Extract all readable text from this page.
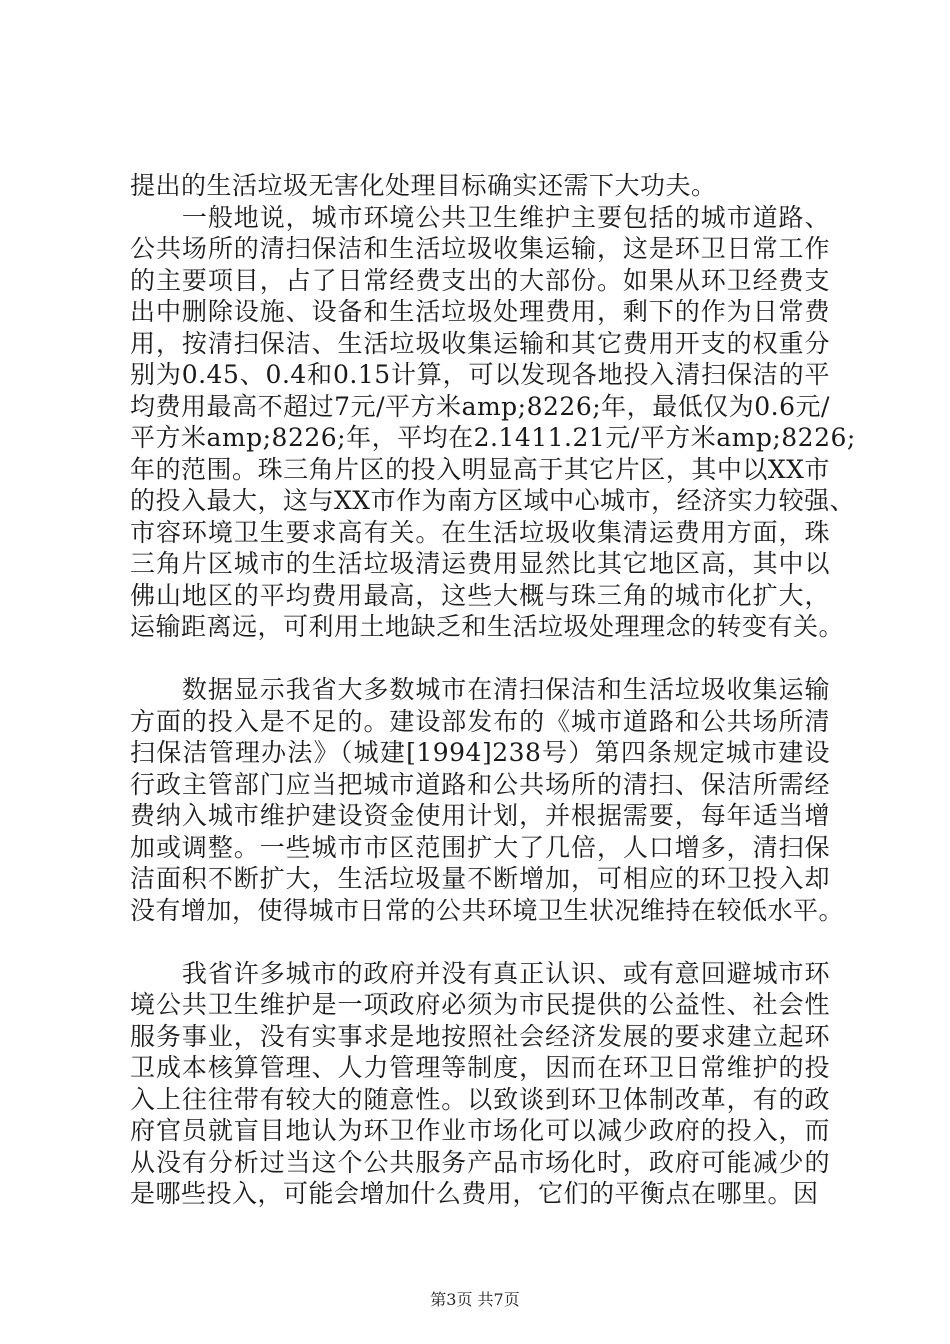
提出的生活垃圾无害化处理目标确实还需下大功夫。
　　一般地说，城市环境公共卫生维护主要包括的城市道路、
公共场所的清扫保洁和生活垃圾收集运输，这是环卫日常工作
的主要项目，占了日常经费支出的大部份。如果从环卫经费支
出中删除设施、设备和生活垃圾处理费用，剩下的作为日常费
用，按清扫保洁、生活垃圾收集运输和其它费用开支的权重分
别为0.45、0.4和0.15计算，可以发现各地投入清扫保洁的平
均费用最高不超过7元/平方米amp;8226;年，最低仅为0.6元/
平方米amp;8226;年，平均在2.1411.21元/平方米amp;8226;
年的范围。珠三角片区的投入明显高于其它片区，其中以XX市
的投入最大，这与XX市作为南方区域中心城市，经济实力较强、
市容环境卫生要求高有关。在生活垃圾收集清运费用方面，珠
三角片区城市的生活垃圾清运费用显然比其它地区高，其中以
佛山地区的平均费用最高，这些大概与珠三角的城市化扩大，
运输距离远，可利用土地缺乏和生活垃圾处理理念的转变有关。
　　数据显示我省大多数城市在清扫保洁和生活垃圾收集运输
方面的投入是不足的。建设部发布的《城市道路和公共场所清
扫保洁管理办法》（城建[1994]238号）第四条规定城市建设
行政主管部门应当把城市道路和公共场所的清扫、保洁所需经
费纳入城市维护建设资金使用计划，并根据需要，每年适当增
加或调整。一些城市市区范围扩大了几倍，人口增多，清扫保
洁面积不断扩大，生活垃圾量不断增加，可相应的环卫投入却
没有增加，使得城市日常的公共环境卫生状况维持在较低水平。
　　我省许多城市的政府并没有真正认识、或有意回避城市环
境公共卫生维护是一项政府必须为市民提供的公益性、社会性
服务事业，没有实事求是地按照社会经济发展的要求建立起环
卫成本核算管理、人力管理等制度，因而在环卫日常维护的投
入上往往带有较大的随意性。以致谈到环卫体制改革，有的政
府官员就盲目地认为环卫作业市场化可以减少政府的投入，而
从没有分析过当这个公共服务产品市场化时，政府可能减少的
是哪些投入，可能会增加什么费用，它们的平衡点在哪里。因
第3页 共7页
